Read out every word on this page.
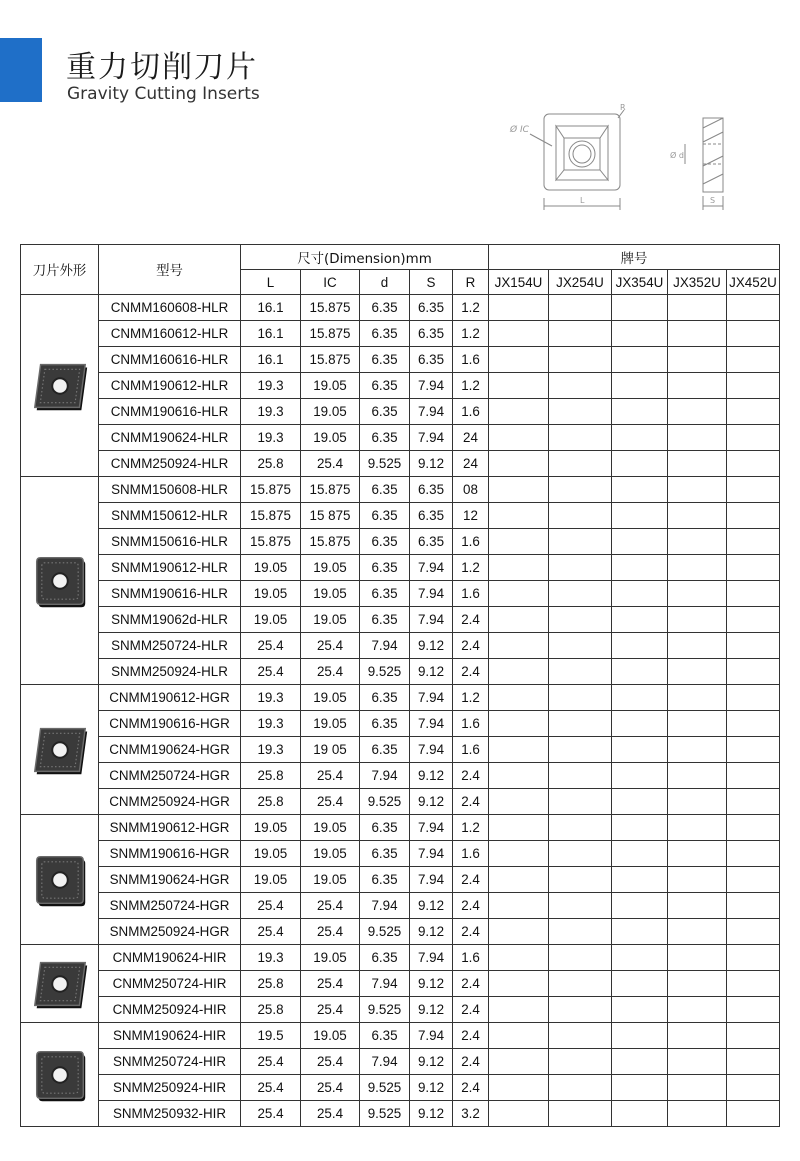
重力切削刀片
Gravity Cutting Inserts
Ø IC
R
L
Ø d
S
刀片外形	型号	尺寸(Dimension)mm					牌号				
		L	IC	d	S	R	JX154U	JX254U	JX354U	JX352U	JX452U

	CNMM160608-HLR	16.1	15.875	6.35	6.35	1.2					
	CNMM160612-HLR	16.1	15.875	6.35	6.35	1.2					
	CNMM160616-HLR	16.1	15.875	6.35	6.35	1.6					
	CNMM190612-HLR	19.3	19.05	6.35	7.94	1.2					
	CNMM190616-HLR	19.3	19.05	6.35	7.94	1.6					
	CNMM190624-HLR	19.3	19.05	6.35	7.94	24					
	CNMM250924-HLR	25.8	25.4	9.525	9.12	24					

	SNMM150608-HLR	15.875	15.875	6.35	6.35	08					
	SNMM150612-HLR	15.875	15 875	6.35	6.35	12					
	SNMM150616-HLR	15.875	15.875	6.35	6.35	1.6					
	SNMM190612-HLR	19.05	19.05	6.35	7.94	1.2					
	SNMM190616-HLR	19.05	19.05	6.35	7.94	1.6					
	SNMM19062d-HLR	19.05	19.05	6.35	7.94	2.4					
	SNMM250724-HLR	25.4	25.4	7.94	9.12	2.4					
	SNMM250924-HLR	25.4	25.4	9.525	9.12	2.4					

	CNMM190612-HGR	19.3	19.05	6.35	7.94	1.2					
	CNMM190616-HGR	19.3	19.05	6.35	7.94	1.6					
	CNMM190624-HGR	19.3	19 05	6.35	7.94	1.6					
	CNMM250724-HGR	25.8	25.4	7.94	9.12	2.4					
	CNMM250924-HGR	25.8	25.4	9.525	9.12	2.4					

	SNMM190612-HGR	19.05	19.05	6.35	7.94	1.2					
	SNMM190616-HGR	19.05	19.05	6.35	7.94	1.6					
	SNMM190624-HGR	19.05	19.05	6.35	7.94	2.4					
	SNMM250724-HGR	25.4	25.4	7.94	9.12	2.4					
	SNMM250924-HGR	25.4	25.4	9.525	9.12	2.4					

	CNMM190624-HIR	19.3	19.05	6.35	7.94	1.6					
	CNMM250724-HIR	25.8	25.4	7.94	9.12	2.4					
	CNMM250924-HIR	25.8	25.4	9.525	9.12	2.4					

	SNMM190624-HIR	19.5	19.05	6.35	7.94	2.4					
	SNMM250724-HIR	25.4	25.4	7.94	9.12	2.4					
	SNMM250924-HIR	25.4	25.4	9.525	9.12	2.4					
	SNMM250932-HIR	25.4	25.4	9.525	9.12	3.2					
